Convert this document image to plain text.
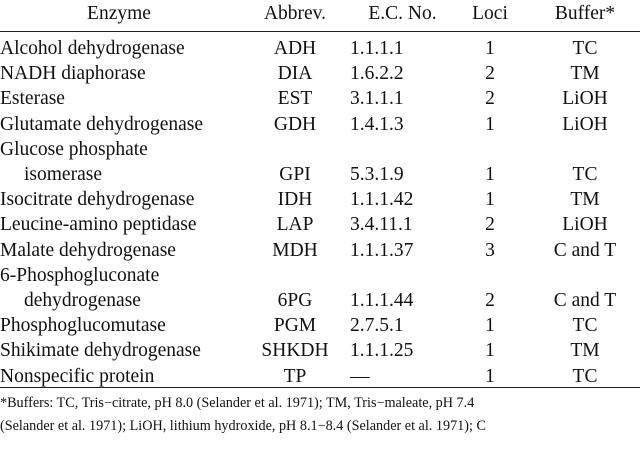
Enzyme	Abbrev.	E.C. No.	Loci	Buffer*
Alcohol dehydrogenase	ADH	1.1.1.1	1	TC
NADH diaphorase	DIA	1.6.2.2	2	TM
Esterase	EST	3.1.1.1	2	LiOH
Glutamate dehydrogenase	GDH	1.4.1.3	1	LiOH
Glucose phosphate
isomerase	GPI	5.3.1.9	1	TC
Isocitrate dehydrogenase	IDH	1.1.1.42	1	TM
Leucine-amino peptidase	LAP	3.4.11.1	2	LiOH
Malate dehydrogenase	MDH	1.1.1.37	3	C and T
6-Phosphogluconate
dehydrogenase	6PG	1.1.1.44	2	C and T
Phosphoglucomutase	PGM	2.7.5.1	1	TC
Shikimate dehydrogenase	SHKDH	1.1.1.25	1	TM
Nonspecific protein	TP	—	1	TC
*Buffers: TC, Tris−citrate, pH 8.0 (Selander et al. 1971); TM, Tris−maleate, pH 7.4
(Selander et al. 1971); LiOH, lithium hydroxide, pH 8.1−8.4 (Selander et al. 1971); C
